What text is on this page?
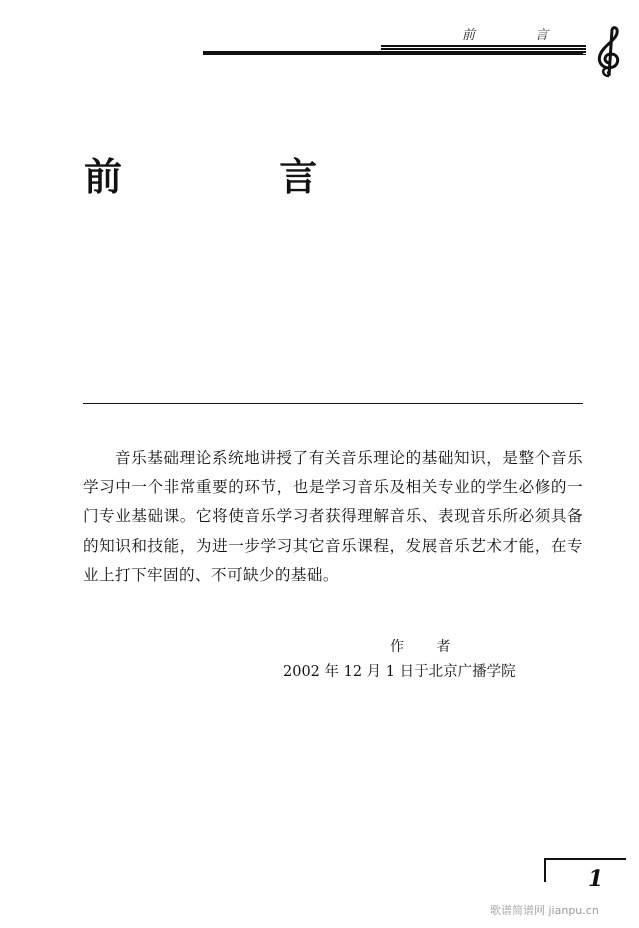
前 言
前 言

音乐基础理论系统地讲授了有关音乐理论的基础知识，是整个音乐学习中一个非常重要的环节，也是学习音乐及相关专业的学生必修的一门专业基础课。它将使音乐学习者获得理解音乐、表现音乐所必须具备的知识和技能，为进一步学习其它音乐课程，发展音乐艺术才能，在专业上打下牢固的、不可缺少的基础。

作 者
2002 年 12 月 1 日于北京广播学院
1
歌谱简谱网 jianpu.cn
